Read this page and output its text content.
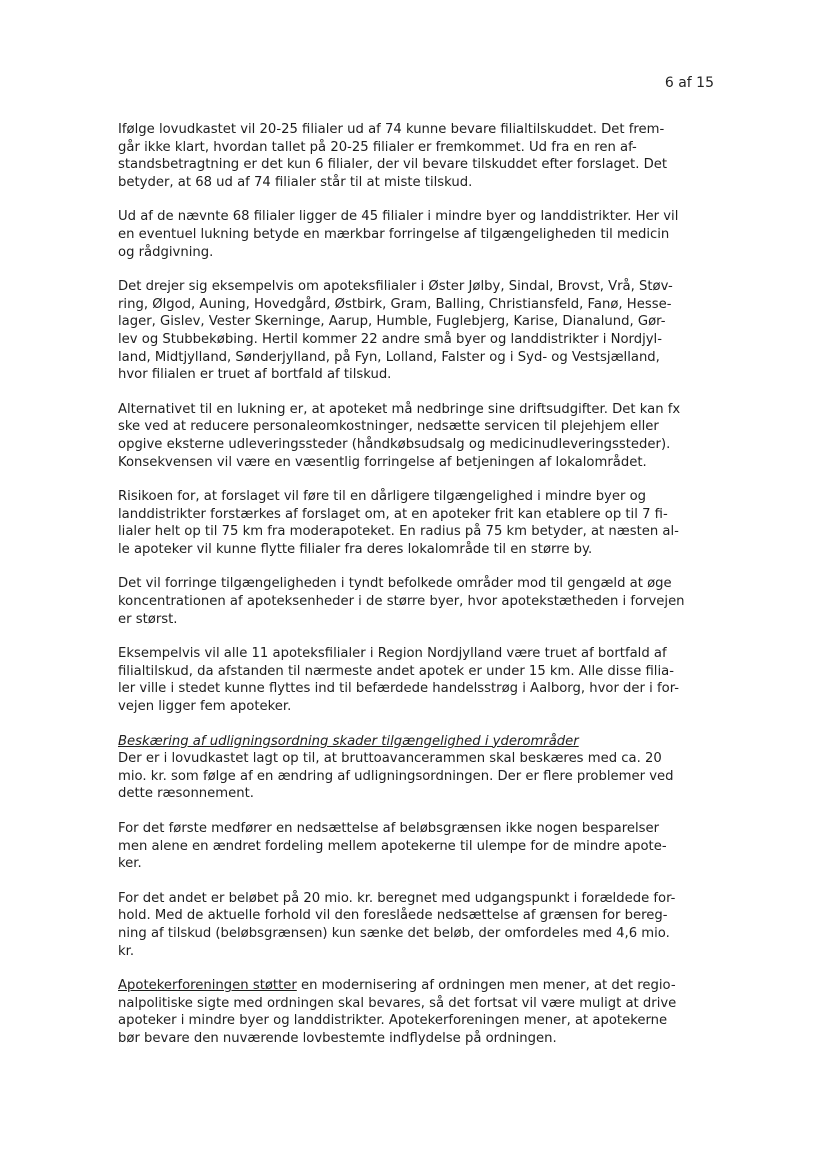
6 af 15

Ifølge lovudkastet vil 20-25 filialer ud af 74 kunne bevare filialtilskuddet. Det frem-
går ikke klart, hvordan tallet på 20-25 filialer er fremkommet. Ud fra en ren af-
standsbetragtning er det kun 6 filialer, der vil bevare tilskuddet efter forslaget. Det
betyder, at 68 ud af 74 filialer står til at miste tilskud.

Ud af de nævnte 68 filialer ligger de 45 filialer i mindre byer og landdistrikter. Her vil
en eventuel lukning betyde en mærkbar forringelse af tilgængeligheden til medicin
og rådgivning.

Det drejer sig eksempelvis om apoteksfilialer i Øster Jølby, Sindal, Brovst, Vrå, Støv-
ring, Ølgod, Auning, Hovedgård, Østbirk, Gram, Balling, Christiansfeld, Fanø, Hesse-
lager, Gislev, Vester Skerninge, Aarup, Humble, Fuglebjerg, Karise, Dianalund, Gør-
lev og Stubbekøbing. Hertil kommer 22 andre små byer og landdistrikter i Nordjyl-
land, Midtjylland, Sønderjylland, på Fyn, Lolland, Falster og i Syd- og Vestsjælland,
hvor filialen er truet af bortfald af tilskud.

Alternativet til en lukning er, at apoteket må nedbringe sine driftsudgifter. Det kan fx
ske ved at reducere personaleomkostninger, nedsætte servicen til plejehjem eller
opgive eksterne udleveringssteder (håndkøbsudsalg og medicinudleveringssteder).
Konsekvensen vil være en væsentlig forringelse af betjeningen af lokalområdet.

Risikoen for, at forslaget vil føre til en dårligere tilgængelighed i mindre byer og
landdistrikter forstærkes af forslaget om, at en apoteker frit kan etablere op til 7 fi-
lialer helt op til 75 km fra moderapoteket. En radius på 75 km betyder, at næsten al-
le apoteker vil kunne flytte filialer fra deres lokalområde til en større by.

Det vil forringe tilgængeligheden i tyndt befolkede områder mod til gengæld at øge
koncentrationen af apoteksenheder i de større byer, hvor apotekstætheden i forvejen
er størst.

Eksempelvis vil alle 11 apoteksfilialer i Region Nordjylland være truet af bortfald af
filialtilskud, da afstanden til nærmeste andet apotek er under 15 km. Alle disse filia-
ler ville i stedet kunne flyttes ind til befærdede handelsstrøg i Aalborg, hvor der i for-
vejen ligger fem apoteker.

Beskæring af udligningsordning skader tilgængelighed i yderområder

Der er i lovudkastet lagt op til, at bruttoavancerammen skal beskæres med ca. 20
mio. kr. som følge af en ændring af udligningsordningen. Der er flere problemer ved
dette ræsonnement.

For det første medfører en nedsættelse af beløbsgrænsen ikke nogen besparelser
men alene en ændret fordeling mellem apotekerne til ulempe for de mindre apote-
ker.

For det andet er beløbet på 20 mio. kr. beregnet med udgangspunkt i forældede for-
hold. Med de aktuelle forhold vil den foreslåede nedsættelse af grænsen for bereg-
ning af tilskud (beløbsgrænsen) kun sænke det beløb, der omfordeles med 4,6 mio.
kr.

Apotekerforeningen støtter en modernisering af ordningen men mener, at det regio-
nalpolitiske sigte med ordningen skal bevares, så det fortsat vil være muligt at drive
apoteker i mindre byer og landdistrikter. Apotekerforeningen mener, at apotekerne
bør bevare den nuværende lovbestemte indflydelse på ordningen.
